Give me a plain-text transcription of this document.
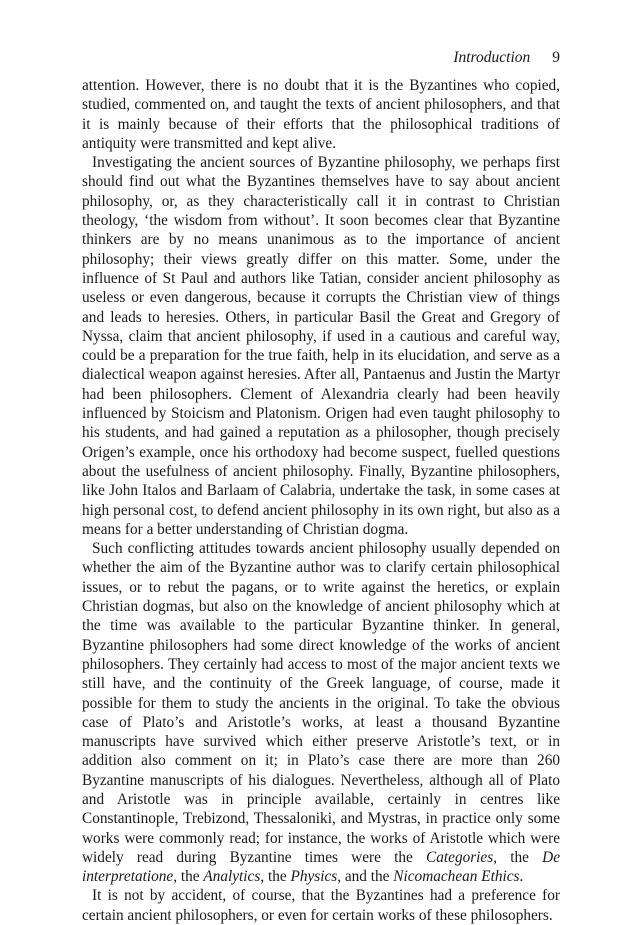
Introduction 9

attention. However, there is no doubt that it is the Byzantines who copied, studied, commented on, and taught the texts of ancient philosophers, and that it is mainly because of their efforts that the philosophical traditions of antiquity were transmitted and kept alive.

Investigating the ancient sources of Byzantine philosophy, we perhaps first should find out what the Byzantines themselves have to say about ancient philosophy, or, as they characteristically call it in contrast to Christian theology, ‘the wisdom from without’. It soon becomes clear that Byzantine thinkers are by no means unanimous as to the importance of ancient philosophy; their views greatly differ on this matter. Some, under the influence of St Paul and authors like Tatian, consider ancient philosophy as useless or even dangerous, because it corrupts the Christian view of things and leads to heresies. Others, in particular Basil the Great and Gregory of Nyssa, claim that ancient philosophy, if used in a cautious and careful way, could be a preparation for the true faith, help in its elucidation, and serve as a dialectical weapon against heresies. After all, Pantaenus and Justin the Martyr had been philosophers. Clement of Alexandria clearly had been heavily influenced by Stoicism and Platonism. Origen had even taught philosophy to his students, and had gained a reputation as a philosopher, though precisely Origen’s example, once his orthodoxy had become suspect, fuelled questions about the usefulness of ancient philosophy. Finally, Byzantine philosophers, like John Italos and Barlaam of Calabria, undertake the task, in some cases at high personal cost, to defend ancient philosophy in its own right, but also as a means for a better understanding of Christian dogma.

Such conflicting attitudes towards ancient philosophy usually depended on whether the aim of the Byzantine author was to clarify certain philosophical issues, or to rebut the pagans, or to write against the heretics, or explain Christian dogmas, but also on the knowledge of ancient philosophy which at the time was available to the particular Byzantine thinker. In general, Byzantine philosophers had some direct knowledge of the works of ancient philosophers. They certainly had access to most of the major ancient texts we still have, and the continuity of the Greek language, of course, made it possible for them to study the ancients in the original. To take the obvious case of Plato’s and Aristotle’s works, at least a thousand Byzantine manuscripts have survived which either preserve Aristotle’s text, or in addition also comment on it; in Plato’s case there are more than 260 Byzantine manuscripts of his dialogues. Nevertheless, although all of Plato and Aristotle was in principle available, certainly in centres like Constantinople, Trebizond, Thessaloniki, and Mystras, in practice only some works were commonly read; for instance, the works of Aristotle which were widely read during Byzantine times were the Categories, the De interpretatione, the Analytics, the Physics, and the Nicomachean Ethics.

It is not by accident, of course, that the Byzantines had a preference for certain ancient philosophers, or even for certain works of these philosophers.
